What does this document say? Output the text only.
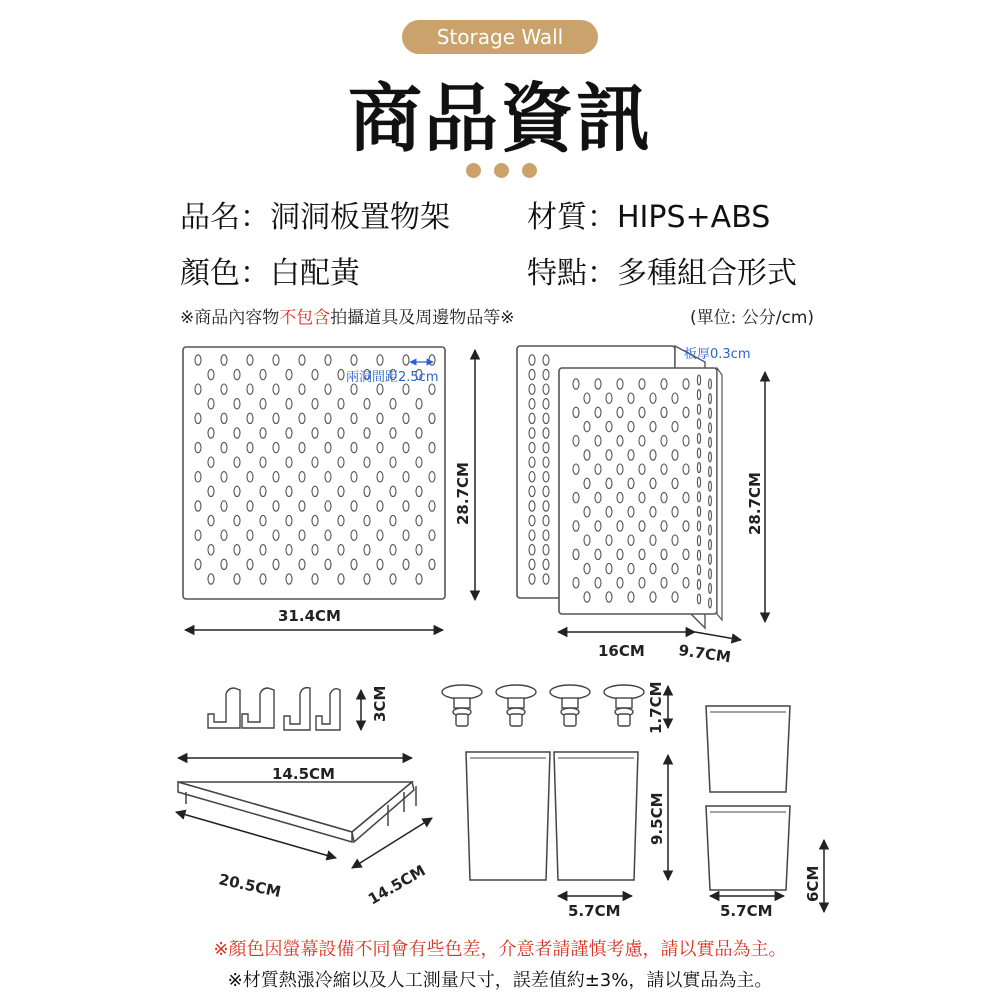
Storage Wall
商品資訊
品名：洞洞板置物架	材質：HIPS+ABS
顏色：白配黃	特點：多種組合形式
※商品內容物不包含拍攝道具及周邊物品等※	(單位: 公分/cm)
28.7CM
31.4CM
兩洞間距2.5cm
板厚0.3cm
28.7CM
16CM 9.7CM
3CM	1.7CM
14.5CM
20.5CM	14.5CM
9.5CM
5.7CM	5.7CM
6CM
※顏色因螢幕設備不同會有些色差，介意者請謹慎考慮，請以實品為主。
※材質熱漲冷縮以及人工測量尺寸，誤差值約±3%，請以實品為主。
